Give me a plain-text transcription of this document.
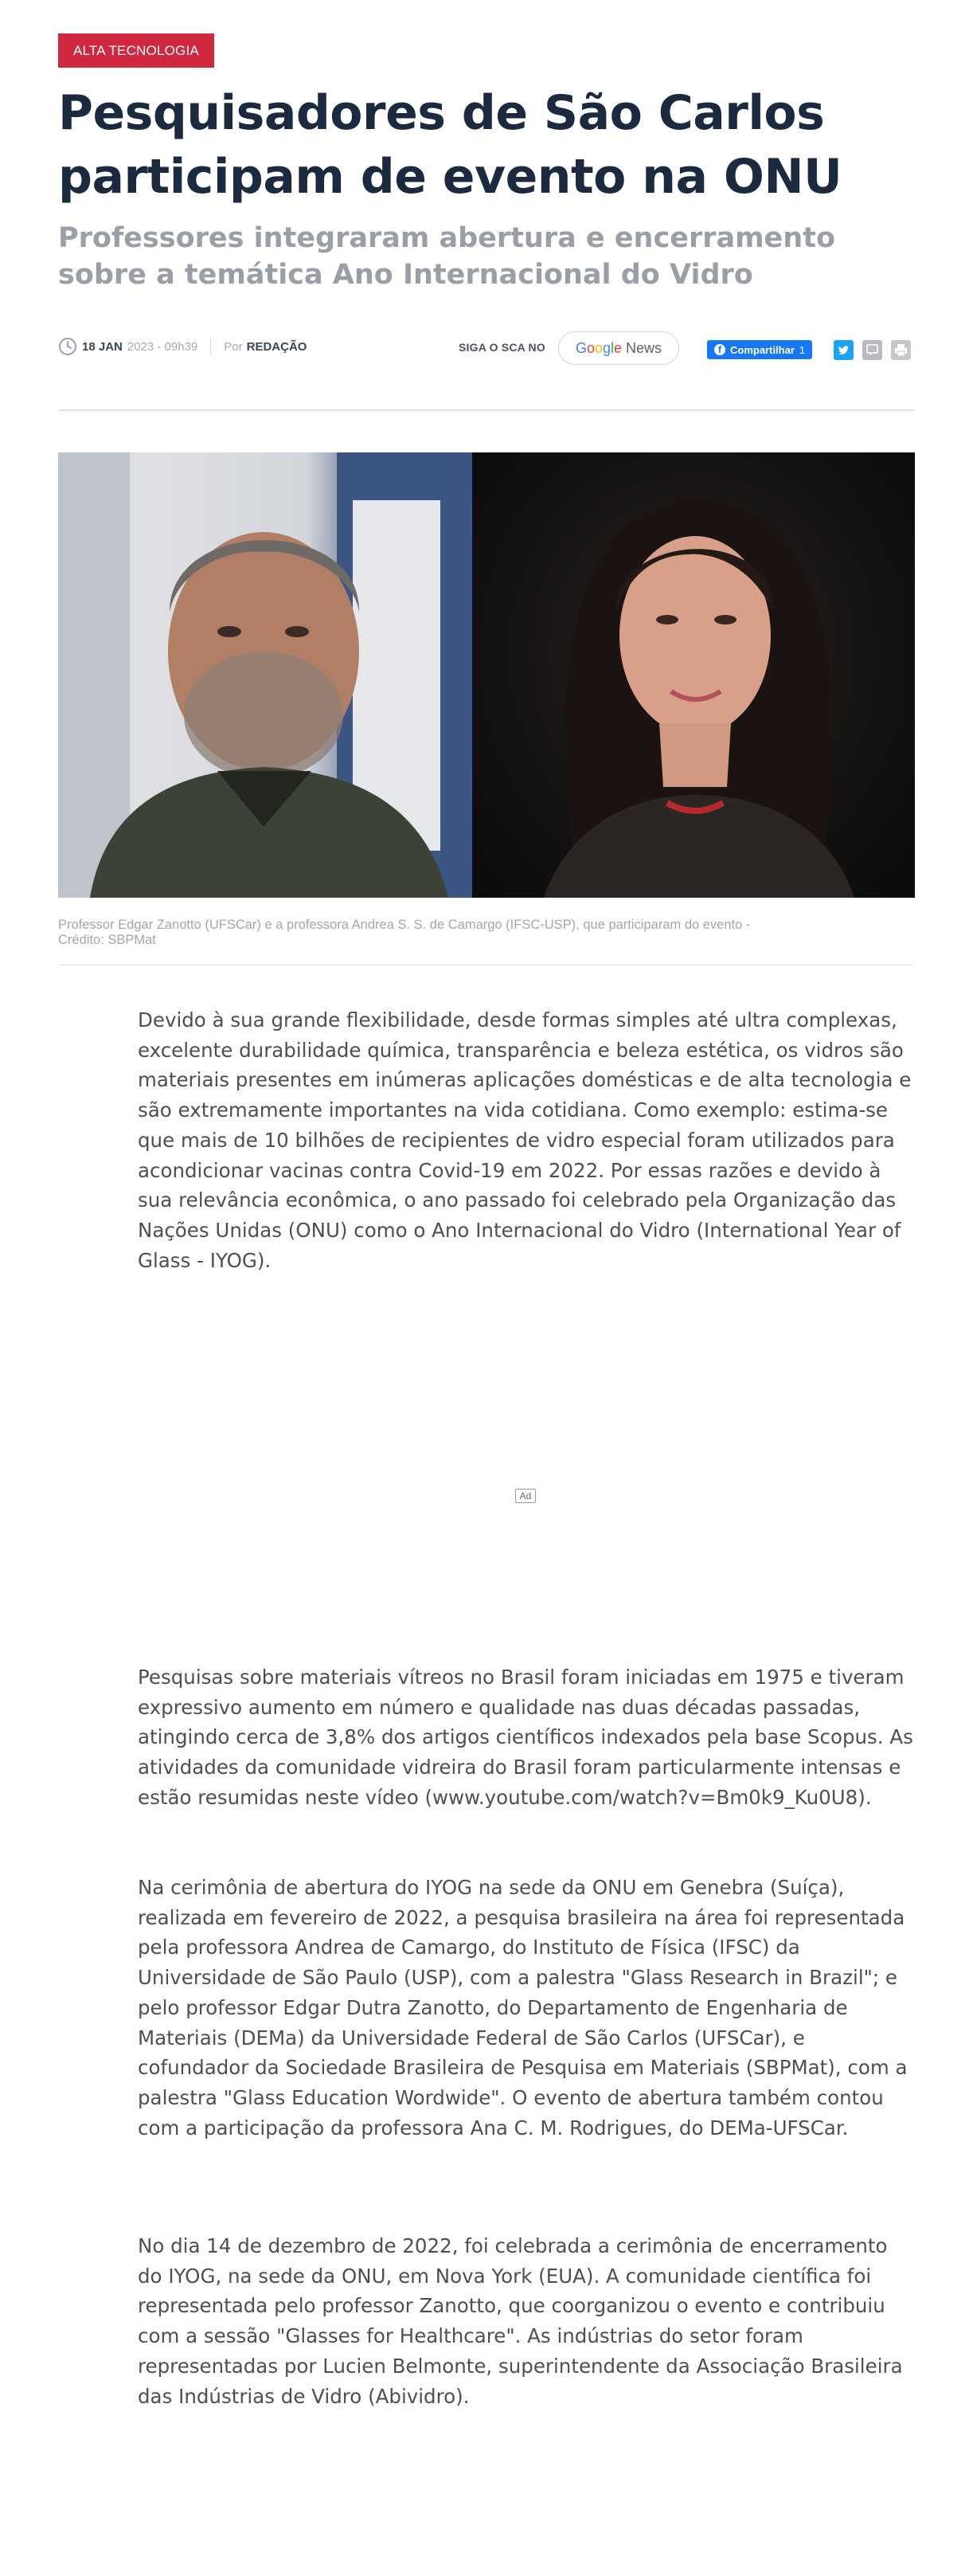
ALTA TECNOLOGIA
Pesquisadores de São Carlos participam de evento na ONU
Professores integraram abertura e encerramento sobre a temática Ano Internacional do Vidro
18 JAN 2023 - 09h39 Por REDAÇÃO	SIGA O SCA NO	Google News	f Compartilhar 1
Professor Edgar Zanotto (UFSCar) e a professora Andrea S. S. de Camargo (IFSC-USP), que participaram do evento -
Crédito: SBPMat

Devido à sua grande flexibilidade, desde formas simples até ultra complexas, excelente durabilidade química, transparência e beleza estética, os vidros são materiais presentes em inúmeras aplicações domésticas e de alta tecnologia e são extremamente importantes na vida cotidiana. Como exemplo: estima-se que mais de 10 bilhões de recipientes de vidro especial foram utilizados para acondicionar vacinas contra Covid-19 em 2022. Por essas razões e devido à sua relevância econômica, o ano passado foi celebrado pela Organização das Nações Unidas (ONU) como o Ano Internacional do Vidro (International Year of Glass - IYOG).

Ad

Pesquisas sobre materiais vítreos no Brasil foram iniciadas em 1975 e tiveram expressivo aumento em número e qualidade nas duas décadas passadas, atingindo cerca de 3,8% dos artigos científicos indexados pela base Scopus. As atividades da comunidade vidreira do Brasil foram particularmente intensas e estão resumidas neste vídeo (www.youtube.com/watch?v=Bm0k9_Ku0U8).

Na cerimônia de abertura do IYOG na sede da ONU em Genebra (Suíça), realizada em fevereiro de 2022, a pesquisa brasileira na área foi representada pela professora Andrea de Camargo, do Instituto de Física (IFSC) da Universidade de São Paulo (USP), com a palestra "Glass Research in Brazil"; e pelo professor Edgar Dutra Zanotto, do Departamento de Engenharia de Materiais (DEMa) da Universidade Federal de São Carlos (UFSCar), e cofundador da Sociedade Brasileira de Pesquisa em Materiais (SBPMat), com a palestra "Glass Education Wordwide". O evento de abertura também contou com a participação da professora Ana C. M. Rodrigues, do DEMa-UFSCar.

No dia 14 de dezembro de 2022, foi celebrada a cerimônia de encerramento do IYOG, na sede da ONU, em Nova York (EUA). A comunidade científica foi representada pelo professor Zanotto, que coorganizou o evento e contribuiu com a sessão "Glasses for Healthcare". As indústrias do setor foram representadas por Lucien Belmonte, superintendente da Associação Brasileira das Indústrias de Vidro (Abividro).
